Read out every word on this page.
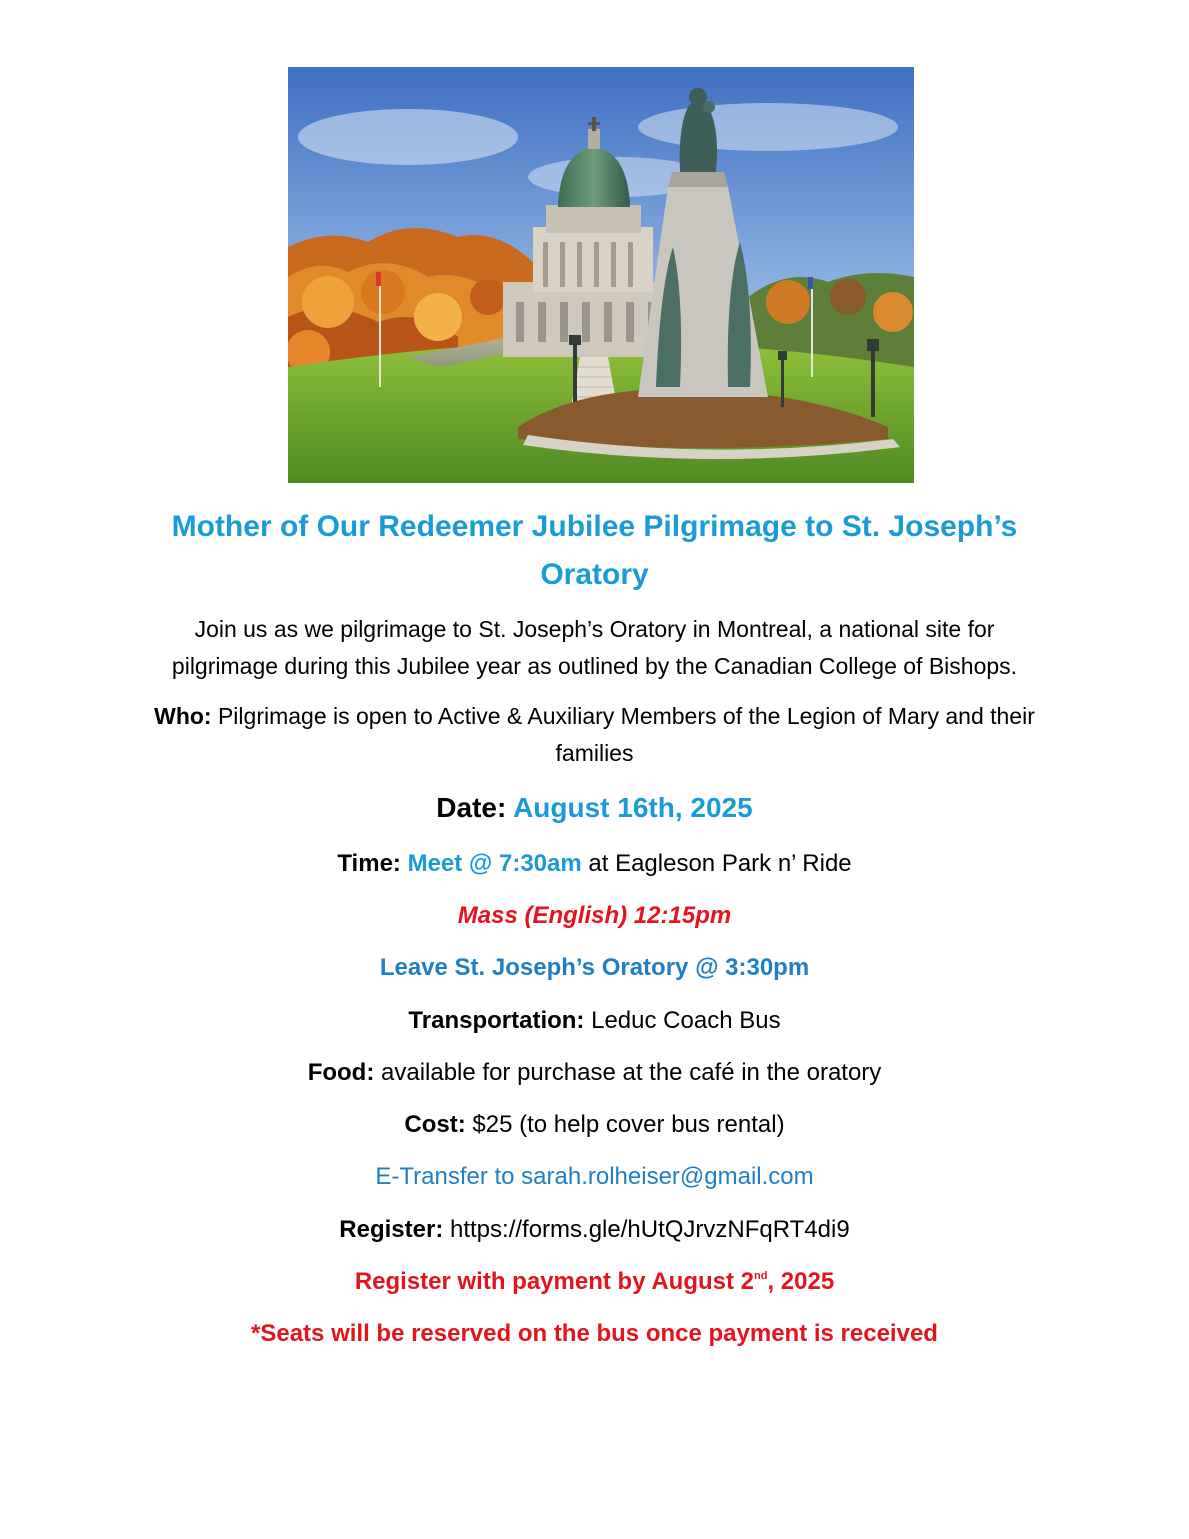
Mother of Our Redeemer Jubilee Pilgrimage to St. Joseph’s
Oratory
Join us as we pilgrimage to St. Joseph’s Oratory in Montreal, a national site for
pilgrimage during this Jubilee year as outlined by the Canadian College of Bishops.
Who: Pilgrimage is open to Active & Auxiliary Members of the Legion of Mary and their
families
Date: August 16th, 2025
Time: Meet @ 7:30am at Eagleson Park n’ Ride
Mass (English) 12:15pm
Leave St. Joseph’s Oratory @ 3:30pm
Transportation: Leduc Coach Bus
Food: available for purchase at the café in the oratory
Cost: $25 (to help cover bus rental)
E-Transfer to sarah.rolheiser@gmail.com
Register: https://forms.gle/hUtQJrvzNFqRT4di9
Register with payment by August 2nd, 2025
*Seats will be reserved on the bus once payment is received
